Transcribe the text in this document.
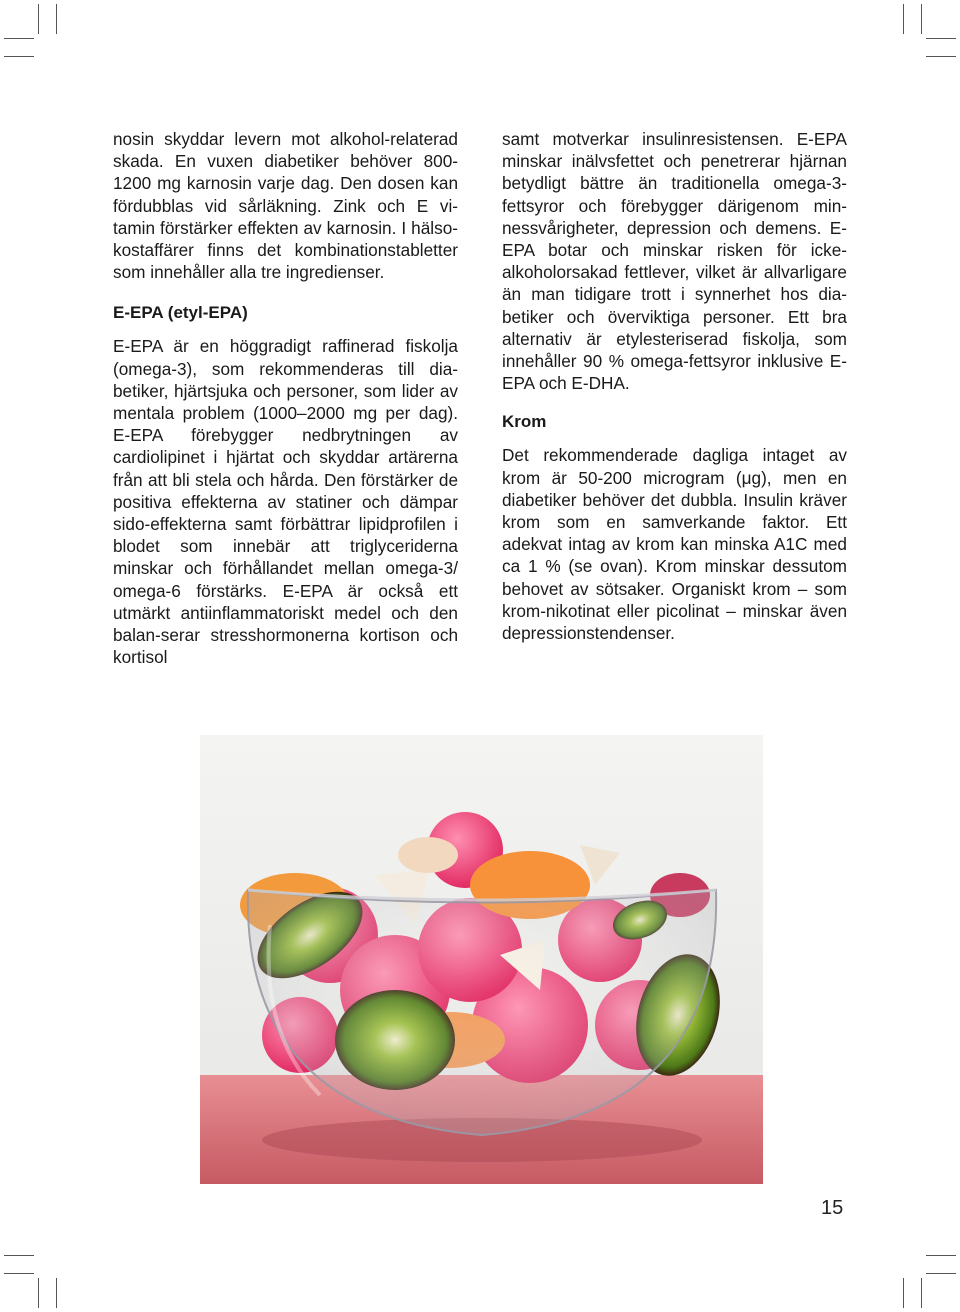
nosin skyddar levern mot alkohol-relaterad skada. En vuxen diabetiker behöver 800-1200 mg karnosin varje dag. Den dosen kan fördubblas vid sårläkning. Zink och E vi-tamin förstärker effekten av karnosin. I hälso-kostaffärer finns det kombinationstabletter som innehåller alla tre ingredienser.

E-EPA (etyl-EPA)

E-EPA är en höggradigt raffinerad fiskolja (omega-3), som rekommenderas till dia-betiker, hjärtsjuka och personer, som lider av mentala problem (1000–2000 mg per dag). E-EPA förebygger nedbrytningen av cardiolipinet i hjärtat och skyddar artärerna från att bli stela och hårda. Den förstärker de positiva effekterna av statiner och dämpar sido-effekterna samt förbättrar lipidprofilen i blodet som innebär att triglyceriderna minskar och förhållandet mellan omega-3/ omega-6 förstärks. E-EPA är också ett utmärkt antiinflammatoriskt medel och den balan-serar stresshormonerna kortison och kortisol

samt motverkar insulinresistensen. E-EPA minskar inälvsfettet och penetrerar hjärnan betydligt bättre än traditionella omega-3-fettsyror och förebygger därigenom min-nessvårigheter, depression och demens. E-EPA botar och minskar risken för icke-alkoholorsakad fettlever, vilket är allvarligare än man tidigare trott i synnerhet hos dia-betiker och överviktiga personer. Ett bra alternativ är etylesteriserad fiskolja, som innehåller 90 % omega-fettsyror inklusive E-EPA och E-DHA.

Krom

Det rekommenderade dagliga intaget av krom är 50-200 microgram (μg), men en diabetiker behöver det dubbla. Insulin kräver krom som en samverkande faktor. Ett adekvat intag av krom kan minska A1C med ca 1 % (se ovan). Krom minskar dessutom behovet av sötsaker. Organiskt krom – som krom-nikotinat eller picolinat – minskar även depressionstendenser.

15
